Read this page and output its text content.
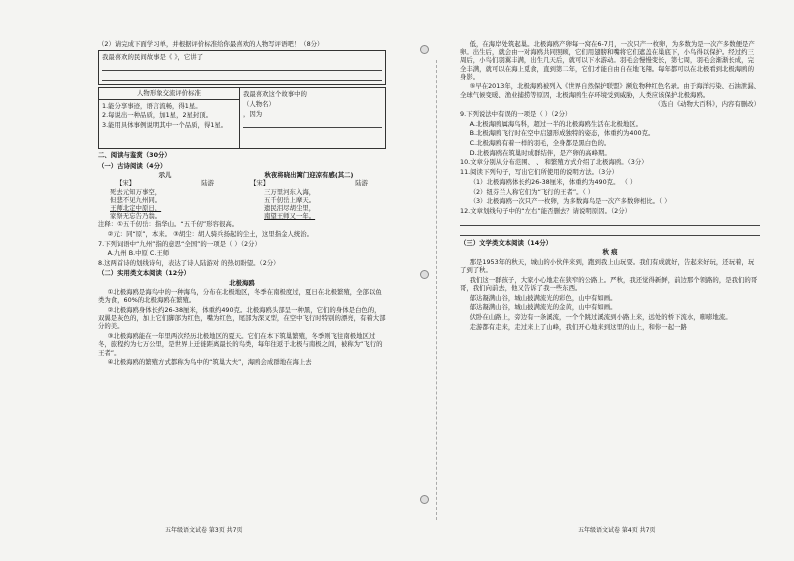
（2）请完成下面学习单，并根据评价标准给你最喜欢的人物写评语吧！（8分）

我最喜欢的民间故事是《 》，它讲了

人物形象交流评价标准

1.能分享事迹，语言流畅，得1星。

2.每说出一种品质，加1星，2星封顶。

3.能用具体事例说明其中一个品质，得1星。

我最喜欢这个故事中的

（人物名）

，因为

二、阅读与鉴赏（30分）

（一）古诗阅读（4分）

示儿
【宋】	陆游
死去元知万事空，
但悲不见九州同。
王师北定中原日，
家祭无忘告乃翁。
秋夜将晓出篱门迎凉有感(其二)
【宋】	陆游
三万里河东入海，
五千仞岳上摩天。
遗民泪尽胡尘里，
南望王师又一年。

注释：①五千仞岳：指华山。“五千仞”形容很高。

②元：同“原”，本来。 ③胡尘：胡人骑兵扬起的尘土，这里指金人统治。

7.下列词语中“九州”指的意思“全国”的一项是（ ）（2分）

A.九州 B.中原 C.王师

8.这两首诗的划线诗句，表达了诗人陆游对 的热切盼望。（2分）

（二）实用类文本阅读（12分）

北极海鸥

①北极海鸥是海鸟中的一种海鸟，分布在北极地区，冬季在南极度过，夏日在北极繁殖，全部以鱼类为食，60%的北极海鸥在繁殖。

②北极海鸥身体长约26-38厘米，体重约490克。北极海鸥头部呈一种黑，它们的身体是白色的，双翼是灰色的，加上它们脚部为红色，嘴为红色，尾部为深叉型，在空中飞行时特别的漂亮，有着大部分的美。

③北极海鸥能在一年里两次经历北极地区的夏天。它们在本下筑巢繁殖，冬季则飞往南极地区过冬，旅程约为七万公里，是世界上迁徙距离最长的鸟类，每年往返于北极与南极之间，被称为“飞行的王者”。

④北极海鸥的繁殖方式都称为鸟中的“筑巢大夫”，海鸥会成群地在海上去

五年级语文试卷 第3页 共7页

低，在海岸处筑起巢。北极海鸥产卵每一窝在6-7月，一次只产一枚卵，为多数为是一次产多数便是产卵。出生后，就会由一对海鸥共同照顾，它们用翅膀和嘴将它们遮盖在巢底下，小鸟得以保护。经过约三周后，小鸟们羽翼丰满，出生几天后，就可以下水游动。羽毛会慢慢变长，第七周，羽毛会渐渐长成，完全丰满，就可以在海上觅食，直到第二年，它们才能自由自在地飞翔。每年都可以在北极看到北极海鸥的身影。

⑤早在2013年，北极海鸥被列入《世界自然保护联盟》濒危物种红色名录。由于海洋污染、石油泄漏、全球气候变暖、渔业捕捞等原因，北极海鸥生存环境受到威胁，人类应该保护北极海鸥。

（选自《动物大百科》，内容有删改）

9.下列说法中有误的一项是（ ）（2分）

A.北极海鸥属海鸟科，超过一半的北极海鸥生活在北极地区。

B.北极海鸥飞行时在空中启翅形成独特的姿态，体重约为400克。

C.北极海鸥有着一样的羽毛，全身都是黑白色的。

D.北极海鸥在筑巢时成群结伴，是产卵的高峰期。

10.文章分别从分布范围、 、 和繁殖方式介绍了北极海鸥。（3分）

11.阅读下列句子，写出它们所使用的说明方法。（3分）

（1）北极海鸥体长约26-38厘米，体重约为490克。 （ ）

（2）纽芬兰人称它们为“飞行的王者”。（ ）

（3）北极海鸥一次只产一枚卵，为多数海鸟是一次产多数卵相比。（ ）

12.文章划线句子中的“左右”能否删去？请说明原因。（2分）

（三）文学类文本阅读（14分）

秋 痕

那是1953年的秋天，城山的小伙伴来到，跑到我上山玩耍。我们有成就好，告起来好玩，还玩着，玩了到了秋。

我们这一群孩子，大家小心地走在狭窄的公路上。严秋，我还觉得新鲜，前边那个领路的，是我们的哥哥，我们向前去，他又告诉了我一些东西。

郁达凝满山谷，城山披满流光的彩色，山中有如画。

郁达凝满山谷，城山披满流光的金黄，山中有如画。

伏卧在山路上，旁边有一条溪流，一个个跳过溪流到小路上来，远处的桥下流水，嘭嘭地流。

走游都有走来，走过来上了山峰，我们开心地来到这里的山上，和你一起一路

五年级语文试卷 第4页 共7页
